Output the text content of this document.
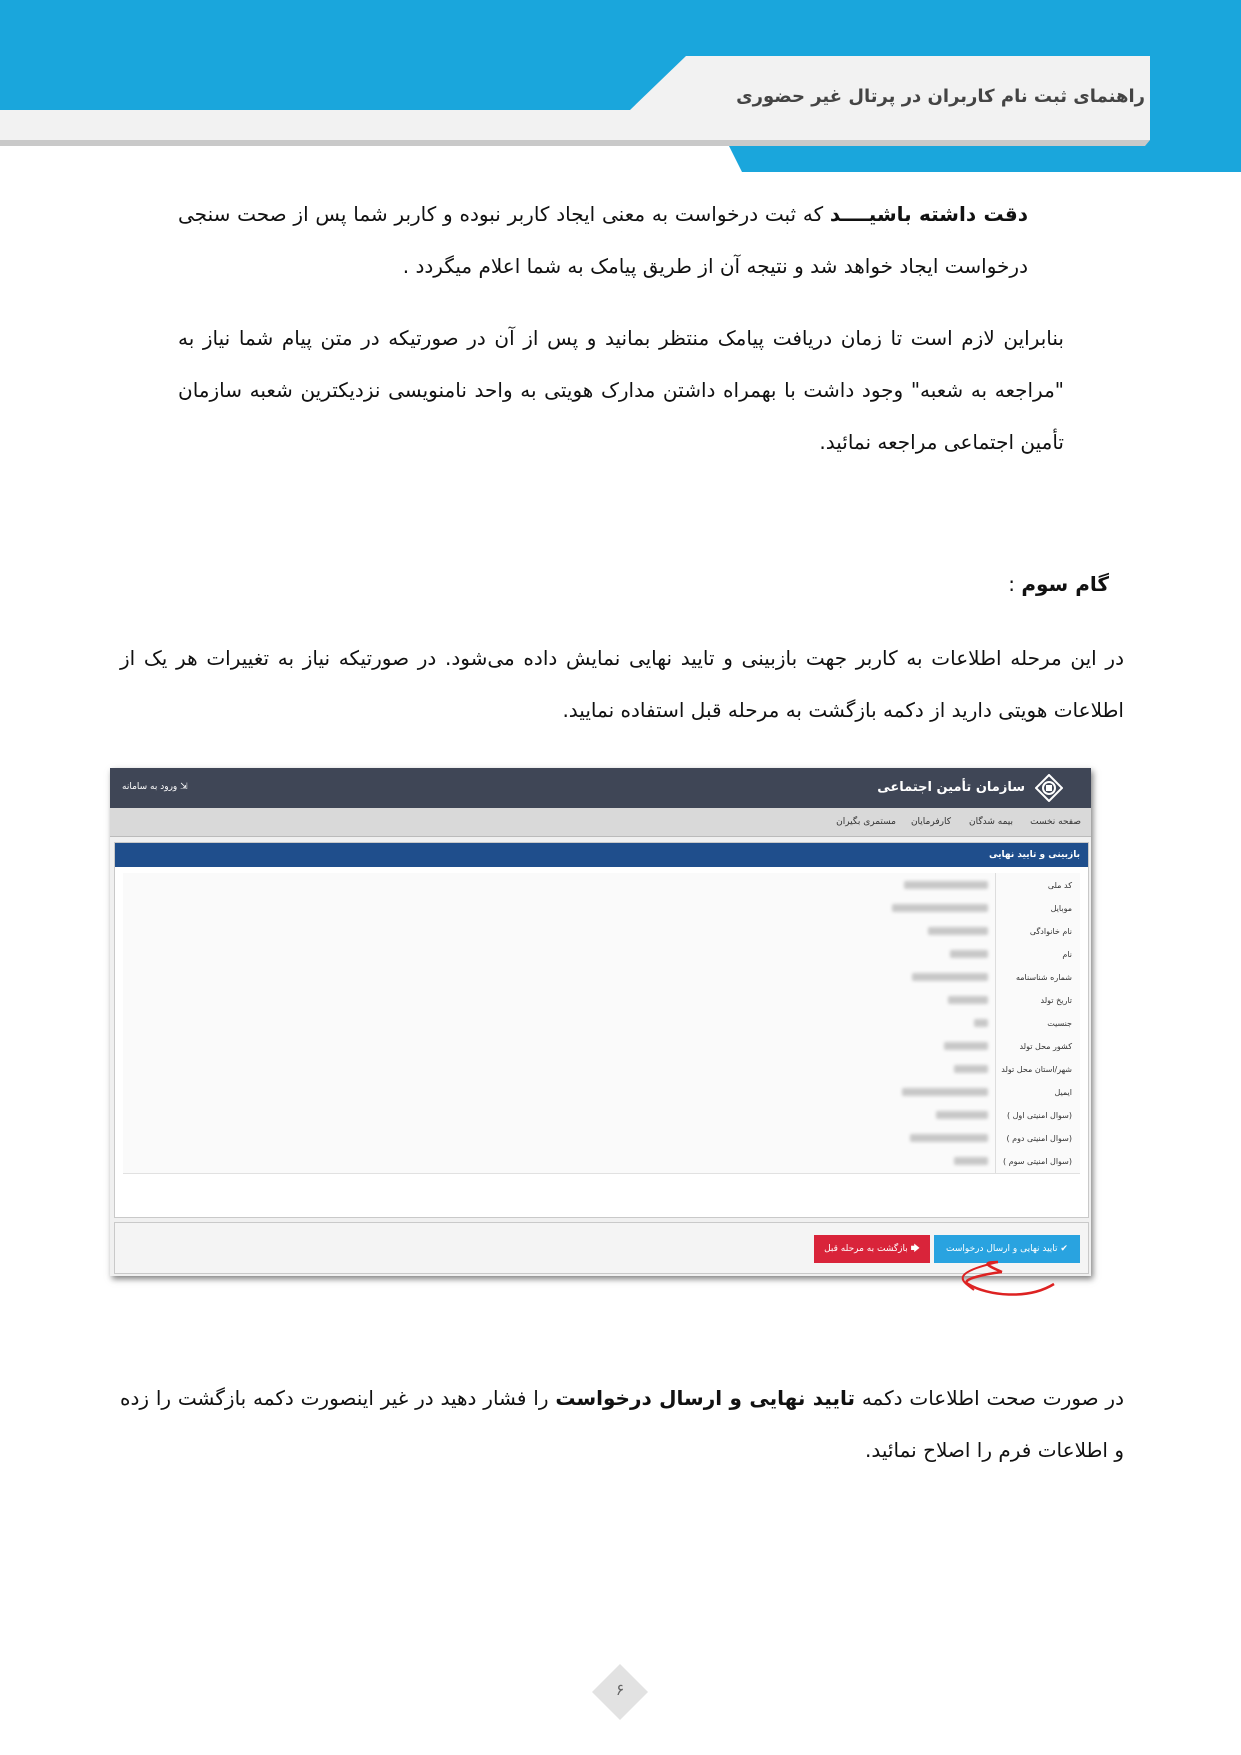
راهنمای ثبت نام کاربران در پرتال غیر حضوری
دقت داشته باشیــــد که ثبت درخواست به معنی ایجاد کاربر نبوده و کاربر شما پس از صحت سنجی درخواست ایجاد خواهد شد و نتیجه آن از طریق پیامک به شما اعلام میگردد .
بنابراین لازم است تا زمان دریافت پیامک منتظر بمانید و پس از آن در صورتیکه در متن پیام شما نیاز به "مراجعه به شعبه" وجود داشت با بهمراه داشتن مدارک هویتی به واحد نامنویسی نزدیکترین شعبه سازمان تأمین اجتماعی مراجعه نمائید.
گام سوم :
در این مرحله اطلاعات به کاربر جهت بازبینی و تایید نهایی نمایش داده می‌شود. در صورتیکه نیاز به تغییرات هر یک از اطلاعات هویتی دارید از دکمه بازگشت به مرحله قبل استفاده نمایید.
سازمان تأمین اجتماعی
⇲ ورود به سامانه
صفحه نخست
بیمه شدگان
کارفرمایان
مستمری بگیران
بازبینی و تایید نهایی
کد ملی
موبایل
نام خانوادگی
نام
شماره شناسنامه
تاریخ تولد
جنسیت
کشور محل تولد
شهر/استان محل تولد
ایمیل
(سوال امنیتی اول )
(سوال امنیتی دوم )
(سوال امنیتی سوم )
✔ تایید نهایی و ارسال درخواست
🡆 بازگشت به مرحله قبل
در صورت صحت اطلاعات دکمه تایید نهایی و ارسال درخواست را فشار دهید در غیر اینصورت دکمه بازگشت را زده و اطلاعات فرم را اصلاح نمائید.
۶
